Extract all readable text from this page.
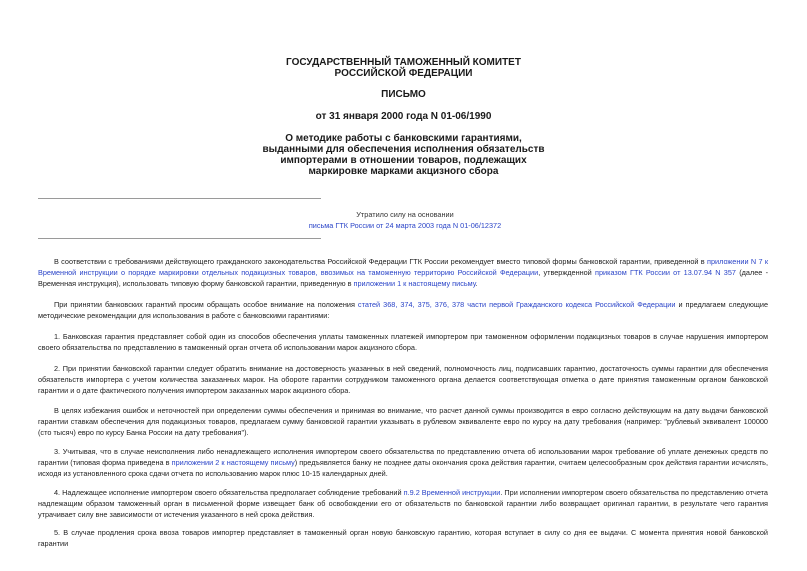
ГОСУДАРСТВЕННЫЙ ТАМОЖЕННЫЙ КОМИТЕТ
РОССИЙСКОЙ ФЕДЕРАЦИИ
ПИСЬМО
от 31 января 2000 года N 01-06/1990
О методике работы с банковскими гарантиями,
выданными для обеспечения исполнения обязательств
импортерами в отношении товаров, подлежащих
маркировке марками акцизного сбора
Утратило силу на основании
письма ГТК России от 24 марта 2003 года N 01-06/12372
В соответствии с требованиями действующего гражданского законодательства Российской Федерации ГТК России рекомендует вместо типовой формы банковской гарантии, приведенной в приложении N 7 к Временной инструкции о порядке маркировки отдельных подакцизных товаров, ввозимых на таможенную территорию Российской Федерации, утвержденной приказом ГТК России от 13.07.94 N 357 (далее - Временная инструкция), использовать типовую форму банковской гарантии, приведенную в приложении 1 к настоящему письму.
При принятии банковских гарантий просим обращать особое внимание на положения статей 368, 374, 375, 376, 378 части первой Гражданского кодекса Российской Федерации и предлагаем следующие методические рекомендации для использования в работе с банковскими гарантиями:
1. Банковская гарантия представляет собой один из способов обеспечения уплаты таможенных платежей импортером при таможенном оформлении подакцизных товаров в случае нарушения импортером своего обязательства по представлению в таможенный орган отчета об использовании марок акцизного сбора.
2. При принятии банковской гарантии следует обратить внимание на достоверность указанных в ней сведений, полномочность лиц, подписавших гарантию, достаточность суммы гарантии для обеспечения обязательств импортера с учетом количества заказанных марок. На обороте гарантии сотрудником таможенного органа делается соответствующая отметка о дате принятия таможенным органом банковской гарантии и о дате фактического получения импортером заказанных марок акцизного сбора.
В целях избежания ошибок и неточностей при определении суммы обеспечения и принимая во внимание, что расчет данной суммы производится в евро согласно действующим на дату выдачи банковской гарантии ставкам обеспечения для подакцизных товаров, предлагаем сумму банковской гарантии указывать в рублевом эквиваленте евро по курсу на дату требования (например: "рублевый эквивалент 100000 (сто тысяч) евро по курсу Банка России на дату требования").
3. Учитывая, что в случае неисполнения либо ненадлежащего исполнения импортером своего обязательства по представлению отчета об использовании марок требование об уплате денежных средств по гарантии (типовая форма приведена в приложении 2 к настоящему письму) предъявляется банку не позднее даты окончания срока действия гарантии, считаем целесообразным срок действия гарантии исчислять, исходя из установленного срока сдачи отчета по использованию марок плюс 10-15 календарных дней.
4. Надлежащее исполнение импортером своего обязательства предполагает соблюдение требований п.9.2 Временной инструкции. При исполнении импортером своего обязательства по представлению отчета надлежащим образом таможенный орган в письменной форме извещает банк об освобождении его от обязательств по банковской гарантии либо возвращает оригинал гарантии, в результате чего гарантия утрачивает силу вне зависимости от истечения указанного в ней срока действия.
5. В случае продления срока ввоза товаров импортер представляет в таможенный орган новую банковскую гарантию, которая вступает в силу со дня ее выдачи. С момента принятия новой банковской гарантии
